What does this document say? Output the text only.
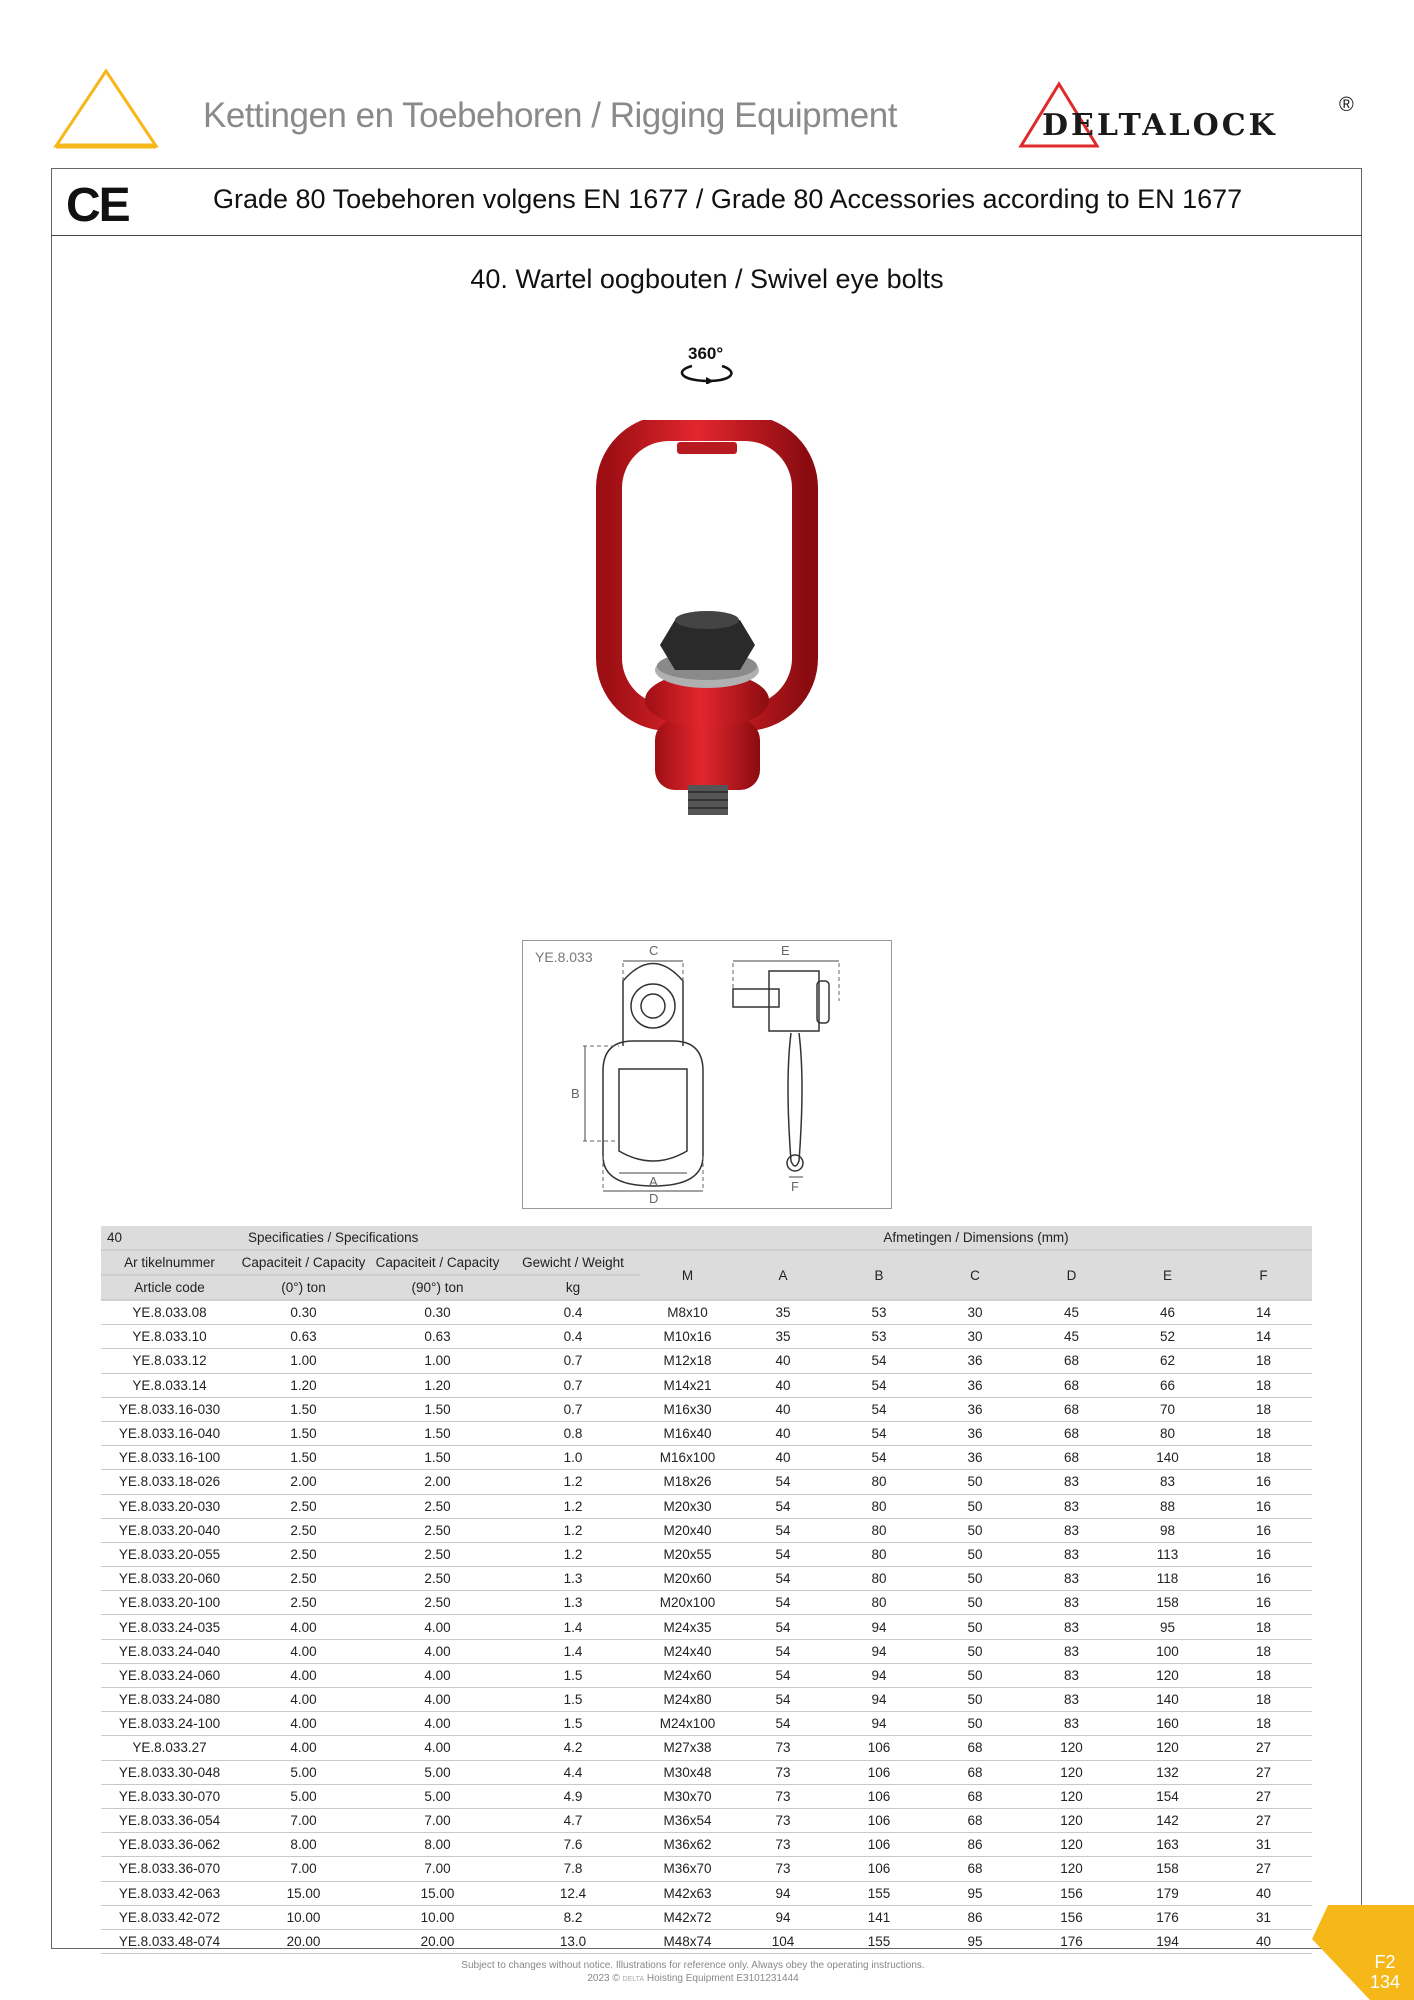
Kettingen en Toebehoren / Rigging Equipment	DELTALOCK
®
CE	Grade 80 Toebehoren volgens EN 1677 / Grade 80 Accessories according to EN 1677
40. Wartel oogbouten / Swivel eye bolts
360°
YE.8.033	C	E
B
A
D
F
40	Specificaties / Specifications			Afmetingen / Dimensions (mm)						
Ar tikelnummer	Capaciteit / Capacity	Capaciteit / Capacity	Gewicht / Weight	M	A	B	C	D	E	F
Article code	(0°) ton	(90°) ton	kg							
YE.8.033.08	0.30	0.30	0.4	M8x10	35	53	30	45	46	14
YE.8.033.10	0.63	0.63	0.4	M10x16	35	53	30	45	52	14
YE.8.033.12	1.00	1.00	0.7	M12x18	40	54	36	68	62	18
YE.8.033.14	1.20	1.20	0.7	M14x21	40	54	36	68	66	18
YE.8.033.16-030	1.50	1.50	0.7	M16x30	40	54	36	68	70	18
YE.8.033.16-040	1.50	1.50	0.8	M16x40	40	54	36	68	80	18
YE.8.033.16-100	1.50	1.50	1.0	M16x100	40	54	36	68	140	18
YE.8.033.18-026	2.00	2.00	1.2	M18x26	54	80	50	83	83	16
YE.8.033.20-030	2.50	2.50	1.2	M20x30	54	80	50	83	88	16
YE.8.033.20-040	2.50	2.50	1.2	M20x40	54	80	50	83	98	16
YE.8.033.20-055	2.50	2.50	1.2	M20x55	54	80	50	83	113	16
YE.8.033.20-060	2.50	2.50	1.3	M20x60	54	80	50	83	118	16
YE.8.033.20-100	2.50	2.50	1.3	M20x100	54	80	50	83	158	16
YE.8.033.24-035	4.00	4.00	1.4	M24x35	54	94	50	83	95	18
YE.8.033.24-040	4.00	4.00	1.4	M24x40	54	94	50	83	100	18
YE.8.033.24-060	4.00	4.00	1.5	M24x60	54	94	50	83	120	18
YE.8.033.24-080	4.00	4.00	1.5	M24x80	54	94	50	83	140	18
YE.8.033.24-100	4.00	4.00	1.5	M24x100	54	94	50	83	160	18
YE.8.033.27	4.00	4.00	4.2	M27x38	73	106	68	120	120	27
YE.8.033.30-048	5.00	5.00	4.4	M30x48	73	106	68	120	132	27
YE.8.033.30-070	5.00	5.00	4.9	M30x70	73	106	68	120	154	27
YE.8.033.36-054	7.00	7.00	4.7	M36x54	73	106	68	120	142	27
YE.8.033.36-062	8.00	8.00	7.6	M36x62	73	106	86	120	163	31
YE.8.033.36-070	7.00	7.00	7.8	M36x70	73	106	68	120	158	27
YE.8.033.42-063	15.00	15.00	12.4	M42x63	94	155	95	156	179	40
YE.8.033.42-072	10.00	10.00	8.2	M42x72	94	141	86	156	176	31
YE.8.033.48-074	20.00	20.00	13.0	M48x74	104	155	95	176	194	40
Subject to changes without notice. Illustrations for reference only. Always obey the operating instructions.
2023 © DELTA Hoisting Equipment E3101231444
F2
134
